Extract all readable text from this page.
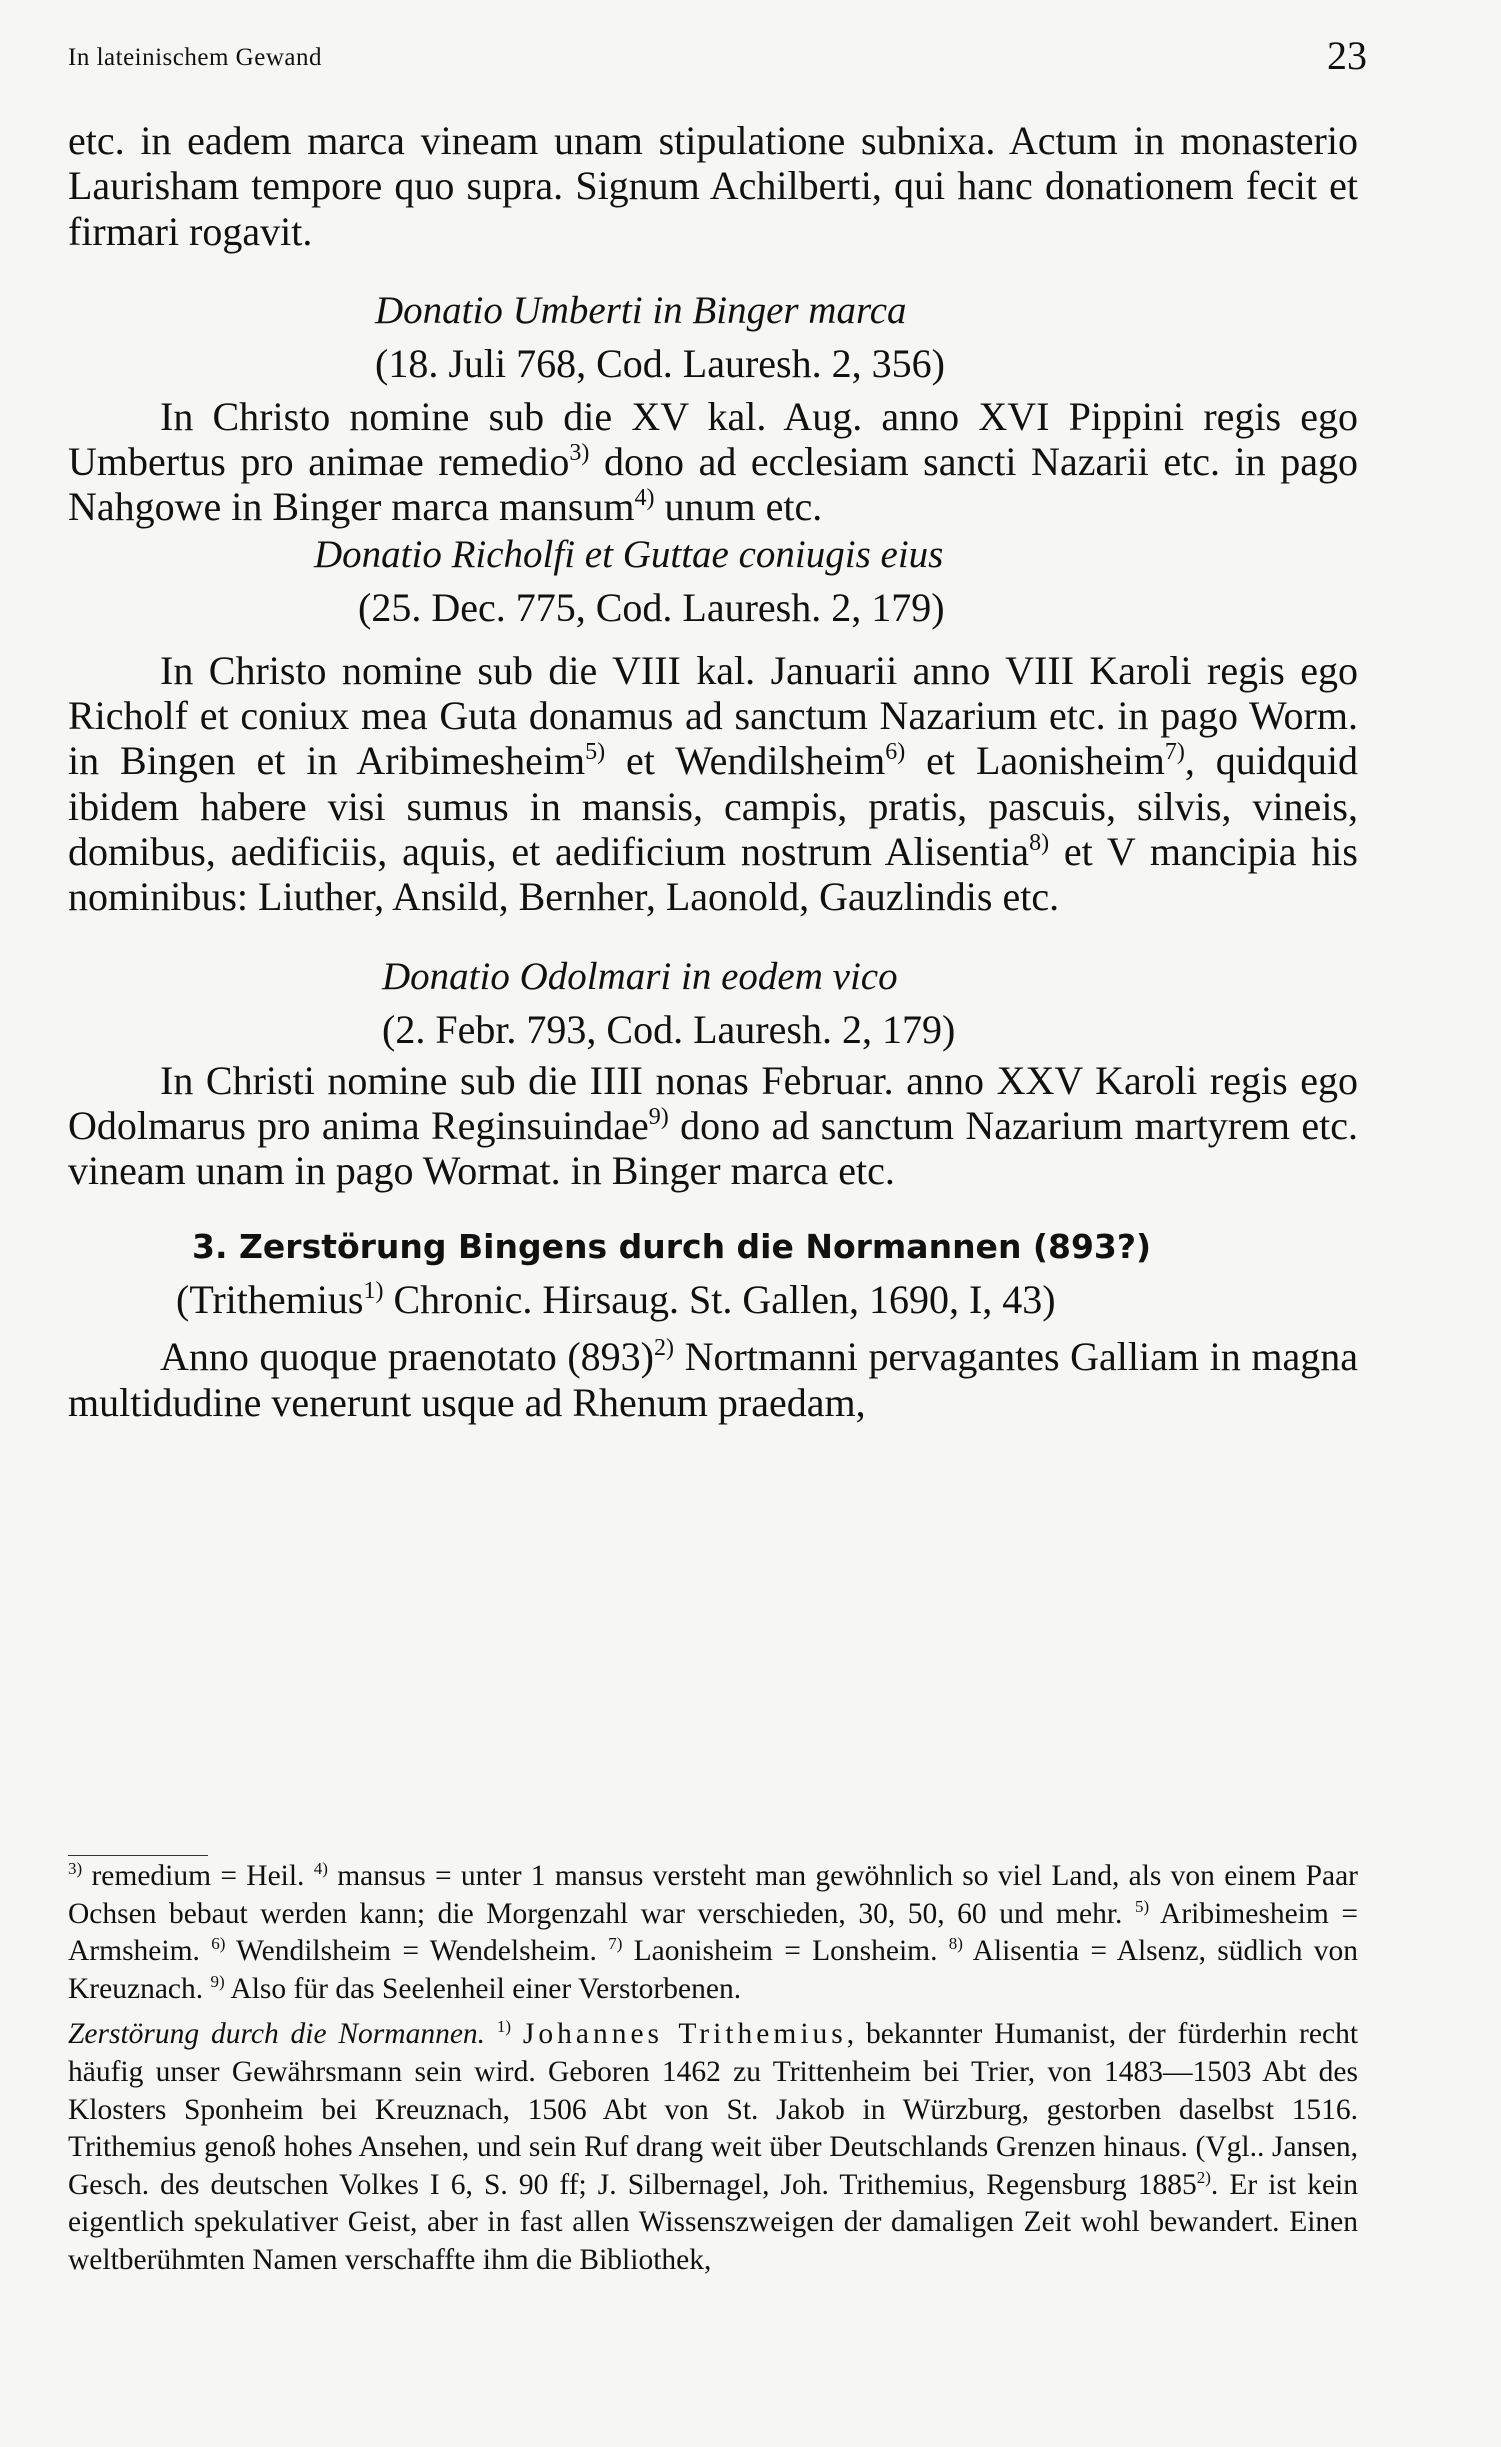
In lateinischem Gewand	23

etc. in eadem marca vineam unam stipulatione subnixa. Actum in monasterio Laurisham tempore quo supra. Signum Achilberti, qui hanc donationem fecit et firmari rogavit.

Donatio Umberti in Binger marca

(18. Juli 768, Cod. Lauresh. 2, 356)

In Christo nomine sub die XV kal. Aug. anno XVI Pippini regis ego Umbertus pro animae remedio$^{3)}$ dono ad ecclesiam sancti Nazarii etc. in pago Nahgowe in Binger marca mansum$^{4)}$ unum etc.

Donatio Richolfi et Guttae coniugis eius

(25. Dec. 775, Cod. Lauresh. 2, 179)

In Christo nomine sub die VIII kal. Januarii anno VIII Karoli regis ego Richolf et coniux mea Guta donamus ad sanctum Nazarium etc. in pago Worm. in Bingen et in Aribimesheim$^{5)}$ et Wendilsheim$^{6)}$ et Laonisheim$^{7)}$, quidquid ibidem habere visi sumus in mansis, campis, pratis, pascuis, silvis, vineis, domibus, aedificiis, aquis, et aedificium nostrum Alisentia$^{8)}$ et V mancipia his nominibus: Liuther, Ansild, Bernher, Laonold, Gauzlindis etc.

Donatio Odolmari in eodem vico

(2. Febr. 793, Cod. Lauresh. 2, 179)

In Christi nomine sub die IIII nonas Februar. anno XXV Karoli regis ego Odolmarus pro anima Reginsuindae$^{9)}$ dono ad sanctum Nazarium martyrem etc. vineam unam in pago Wormat. in Binger marca etc.

3. Zerstörung Bingens durch die Normannen (893?)

(Trithemius$^{1)}$ Chronic. Hirsaug. St. Gallen, 1690, I, 43)

Anno quoque praenotato $(893)^{2)}$ Nortmanni pervagantes Galliam in magna multidudine venerunt usque ad Rhenum praedam,

$^{3)}$ remedium = Heil. $^{4)}$ mansus = unter 1 mansus versteht man gewöhnlich so viel Land, als von einem Paar Ochsen bebaut werden kann; die Morgenzahl war verschieden, 30, 50, 60 und mehr. $^{5)}$ Aribimesheim = Armsheim. $^{6)}$ Wendilsheim = Wendelsheim. $^{7)}$ Laonisheim = Lonsheim. $^{8)}$ Alisentia = Alsenz, südlich von Kreuznach. $^{9)}$ Also für das Seelenheil einer Verstorbenen.

Zerstörung durch die Normannen. $^{1)}$ Johannes Trithemius, bekannter Humanist, der fürderhin recht häufig unser Gewährsmann sein wird. Geboren 1462 zu Trittenheim bei Trier, von 1483—1503 Abt des Klosters Sponheim bei Kreuznach, 1506 Abt von St. Jakob in Würzburg, gestorben daselbst 1516. Trithemius genoß hohes Ansehen, und sein Ruf drang weit über Deutschlands Grenzen hinaus. (Vgl.. Jansen, Gesch. des deutschen Volkes I 6, S. 90 ff; J. Silbernagel, Joh. Trithemius, Regensburg 1885$^{2)}$. Er ist kein eigentlich spekulativer Geist, aber in fast allen Wissenszweigen der damaligen Zeit wohl bewandert. Einen weltberühmten Namen verschaffte ihm die Bibliothek,
